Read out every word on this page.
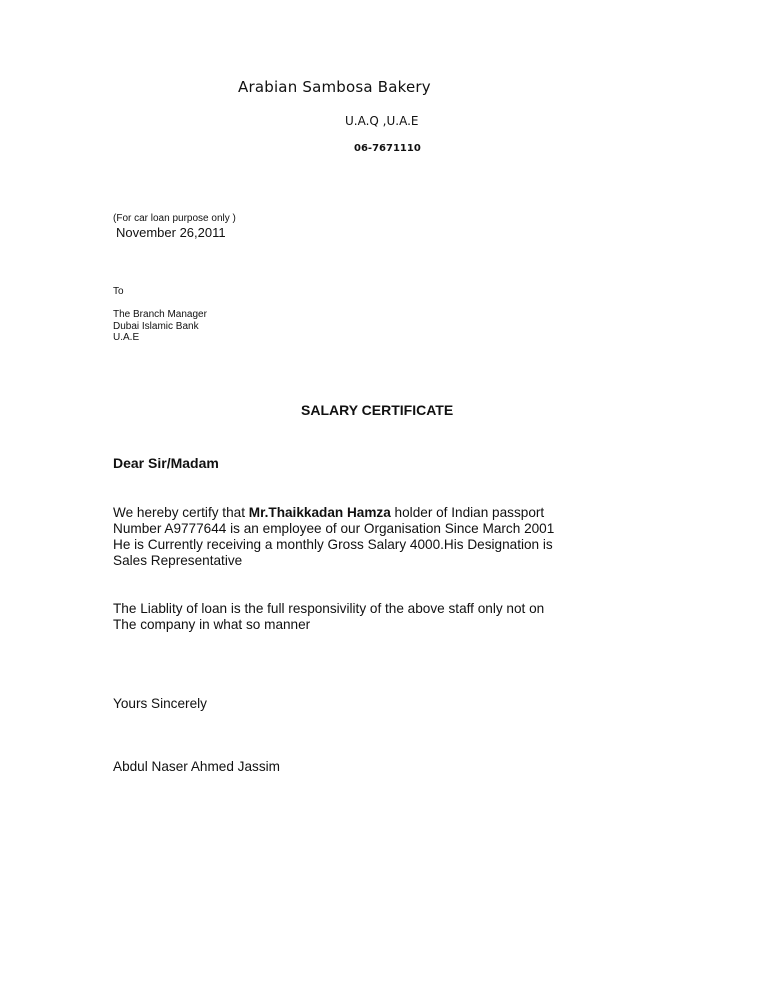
Arabian Sambosa Bakery
U.A.Q ,U.A.E
06-7671110
(For car loan purpose only )
November 26,2011
To
The Branch Manager
Dubai Islamic Bank
U.A.E
SALARY CERTIFICATE
Dear Sir/Madam
We hereby certify that Mr.Thaikkadan Hamza holder of Indian passport
Number A9777644 is an employee of our Organisation Since March 2001
He is Currently receiving a monthly Gross Salary 4000.His Designation is
Sales Representative
The Liablity of loan is the full responsivility of the above staff only not on
The company in what so manner
Yours Sincerely
Abdul Naser Ahmed Jassim
